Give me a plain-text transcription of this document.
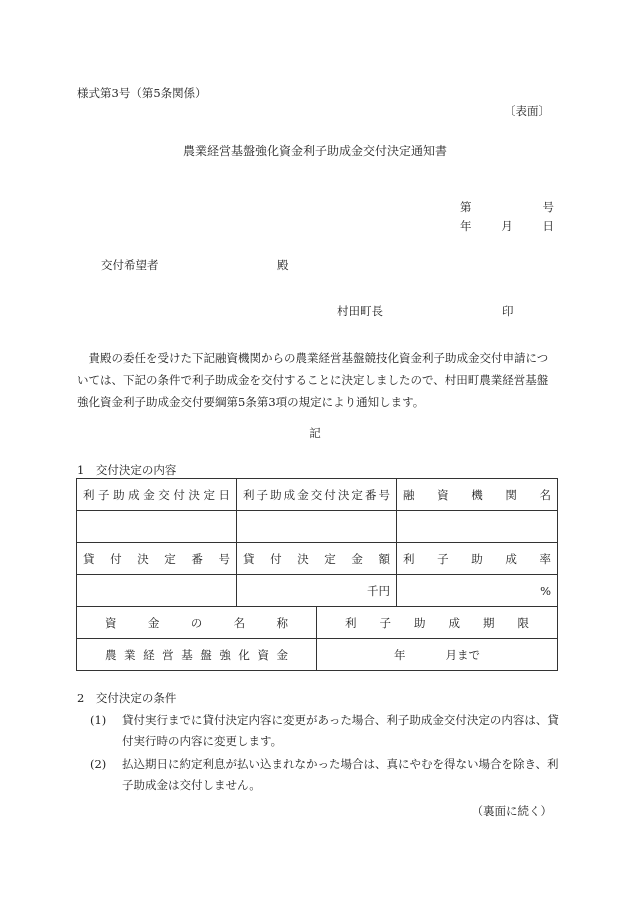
様式第3号（第5条関係）
〔表面〕
農業経営基盤強化資金利子助成金交付決定通知書
第	号
年	月	日
交付希望者	殿
村田町長	印
貴殿の委任を受けた下記融資機関からの農業経営基盤競技化資金利子助成金交付申請については、下記の条件で利子助成金を交付することに決定しましたので、村田町農業経営基盤強化資金利子助成金交付要綱第5条第3項の規定により通知します。
記
1　交付決定の内容
利子助成金交付決定日	利子助成金交付決定番号		融資機関名

貸付決定番号	貸付決定金額		利子助成率
	千円		%
資金の名称		利子助成期限	
農業経営基盤強化資金		年 月まで	
2　交付決定の条件
(1)	貸付実行までに貸付決定内容に変更があった場合、利子助成金交付決定の内容は、貸付実行時の内容に変更します。
(2)	払込期日に約定利息が払い込まれなかった場合は、真にやむを得ない場合を除き、利子助成金は交付しません。
（裏面に続く）
